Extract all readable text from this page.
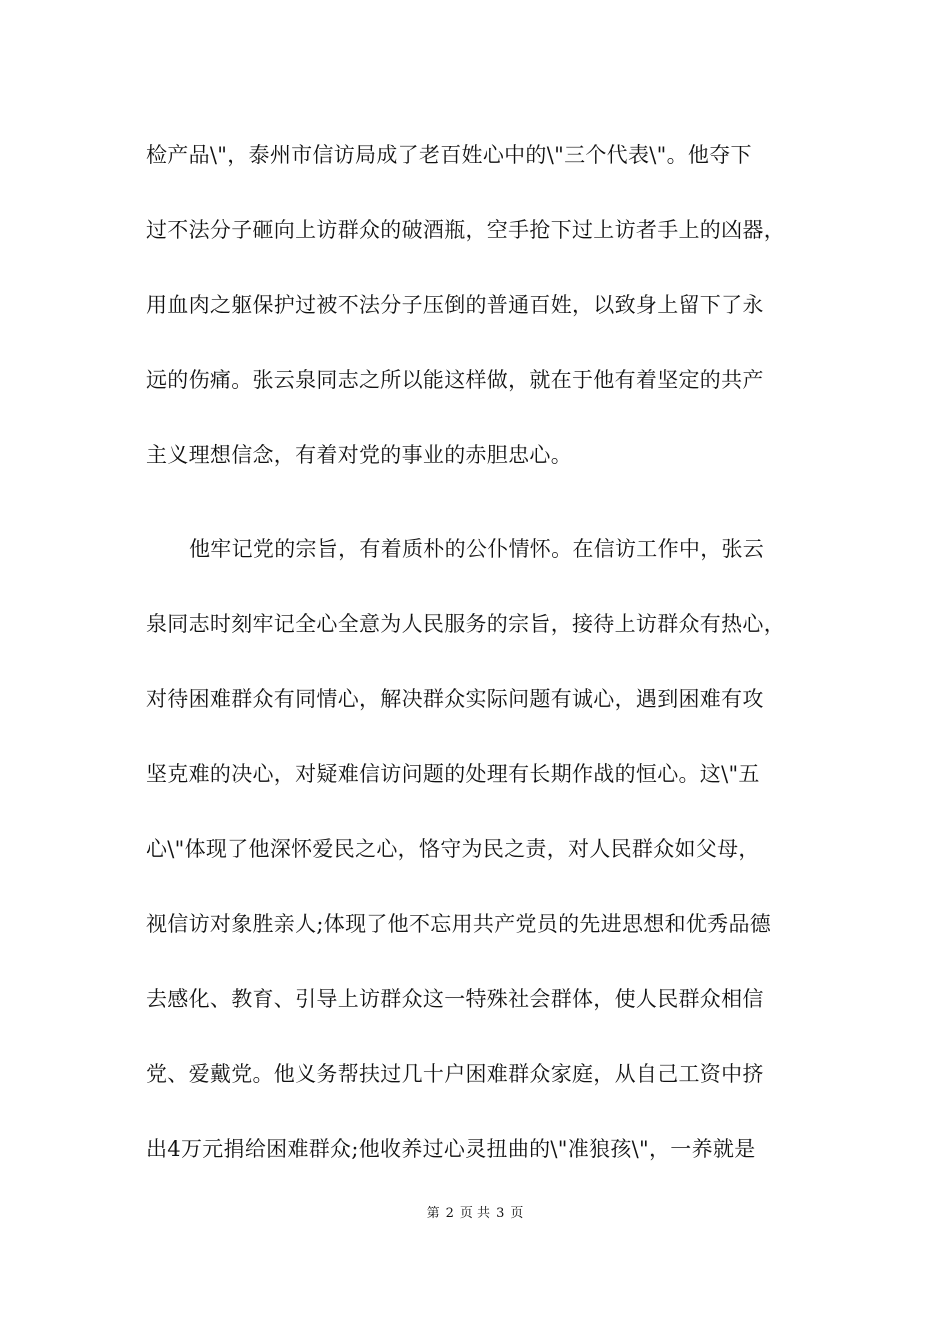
检产品\"，泰州市信访局成了老百姓心中的\"三个代表\"。他夺下
过不法分子砸向上访群众的破酒瓶，空手抢下过上访者手上的凶器，
用血肉之躯保护过被不法分子压倒的普通百姓，以致身上留下了永
远的伤痛。张云泉同志之所以能这样做，就在于他有着坚定的共产
主义理想信念，有着对党的事业的赤胆忠心。
他牢记党的宗旨，有着质朴的公仆情怀。在信访工作中，张云
泉同志时刻牢记全心全意为人民服务的宗旨，接待上访群众有热心，
对待困难群众有同情心，解决群众实际问题有诚心，遇到困难有攻
坚克难的决心，对疑难信访问题的处理有长期作战的恒心。这\"五
心\"体现了他深怀爱民之心，恪守为民之责，对人民群众如父母，
视信访对象胜亲人;体现了他不忘用共产党员的先进思想和优秀品德
去感化、教育、引导上访群众这一特殊社会群体，使人民群众相信
党、爱戴党。他义务帮扶过几十户困难群众家庭，从自己工资中挤
出4万元捐给困难群众;他收养过心灵扭曲的\"准狼孩\"，一养就是
第 2 页 共 3 页
